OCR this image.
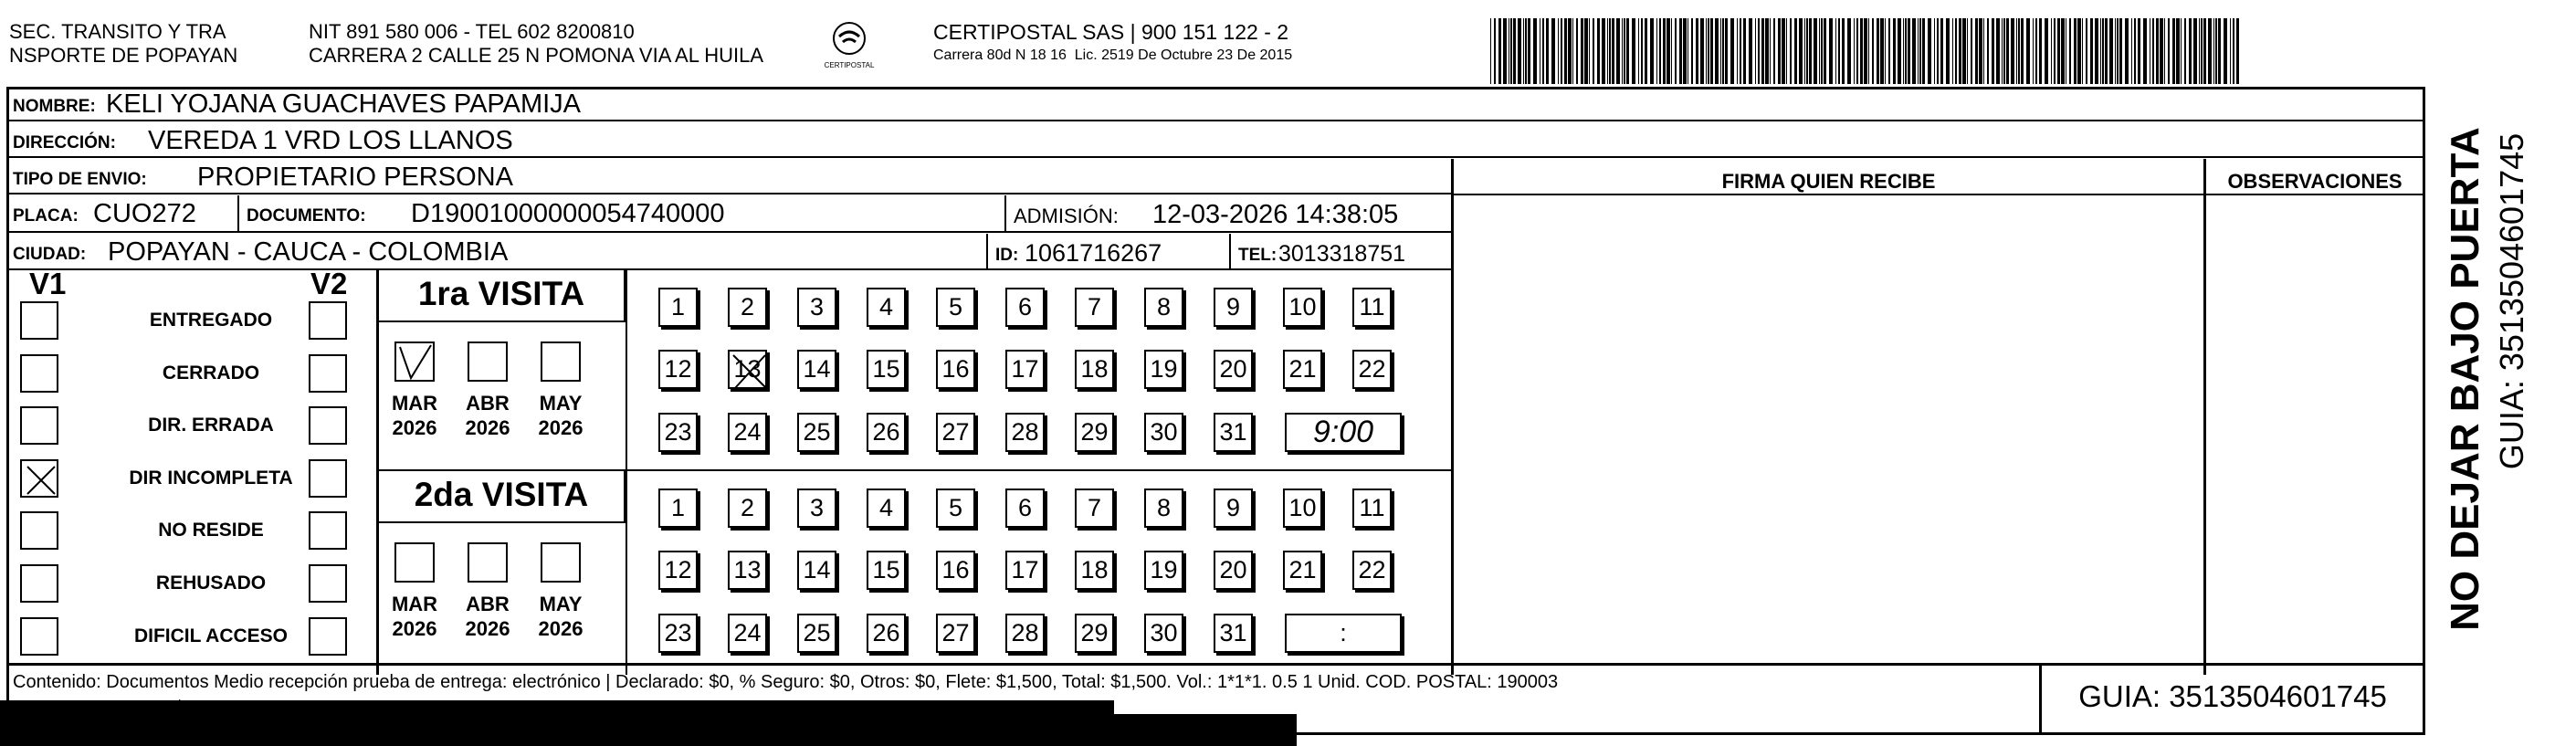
SEC. TRANSITO Y TRA
NSPORTE DE POPAYAN
NIT 891 580 006 - TEL 602 8200810
CARRERA 2 CALLE 25 N POMONA VIA AL HUILA	CERTIPOSTAL
CERTIPOSTAL SAS | 900 151 122 - 2
Carrera 80d N 18 16  Lic. 2519 De Octubre 23 De 2015
NOMBRE: KELI YOJANA GUACHAVES PAPAMIJA
DIRECCIÓN: VEREDA 1 VRD LOS LLANOS
TIPO DE ENVIO: PROPIETARIO PERSONA
PLACA: CUO272	DOCUMENTO: D19001000000054740000	ADMISIÓN: 12-03-2026 14:38:05
CIUDAD: POPAYAN - CAUCA - COLOMBIA	ID: 1061716267	TEL: 3013318751
FIRMA QUIEN RECIBE	OBSERVACIONES
V1	V2
ENTREGADO
CERRADO
DIR. ERRADA
DIR INCOMPLETA
NO RESIDE
REHUSADO
DIFICIL ACCESO
1ra VISITA
2da VISITA
MAR
2026
ABR
2026
MAY
2026
1	2	3	4	5	6	7	8	9	10 11
12 13 14 15 16 17 18 19 20 21 22
23 24 25 26 27 28 29 30 31	9:00
MAR
2026
ABR
2026
MAY
2026
1	2	3	4	5	6	7	8	9	10 11
12 13 14 15 16 17 18 19 20 21 22
23 24 25 26 27 28 29 30 31	:
Contenido: Documentos Medio recepción prueba de entrega: electrónico | Declarado: $0, % Seguro: $0, Otros: $0, Flete: $1,500, Total: $1,500. Vol.: 1*1*1. 0.5 1 Unid. COD. POSTAL: 190003	GUIA: 3513504601745
NO DEJAR BAJO PUERTA GUIA: 3513504601745
